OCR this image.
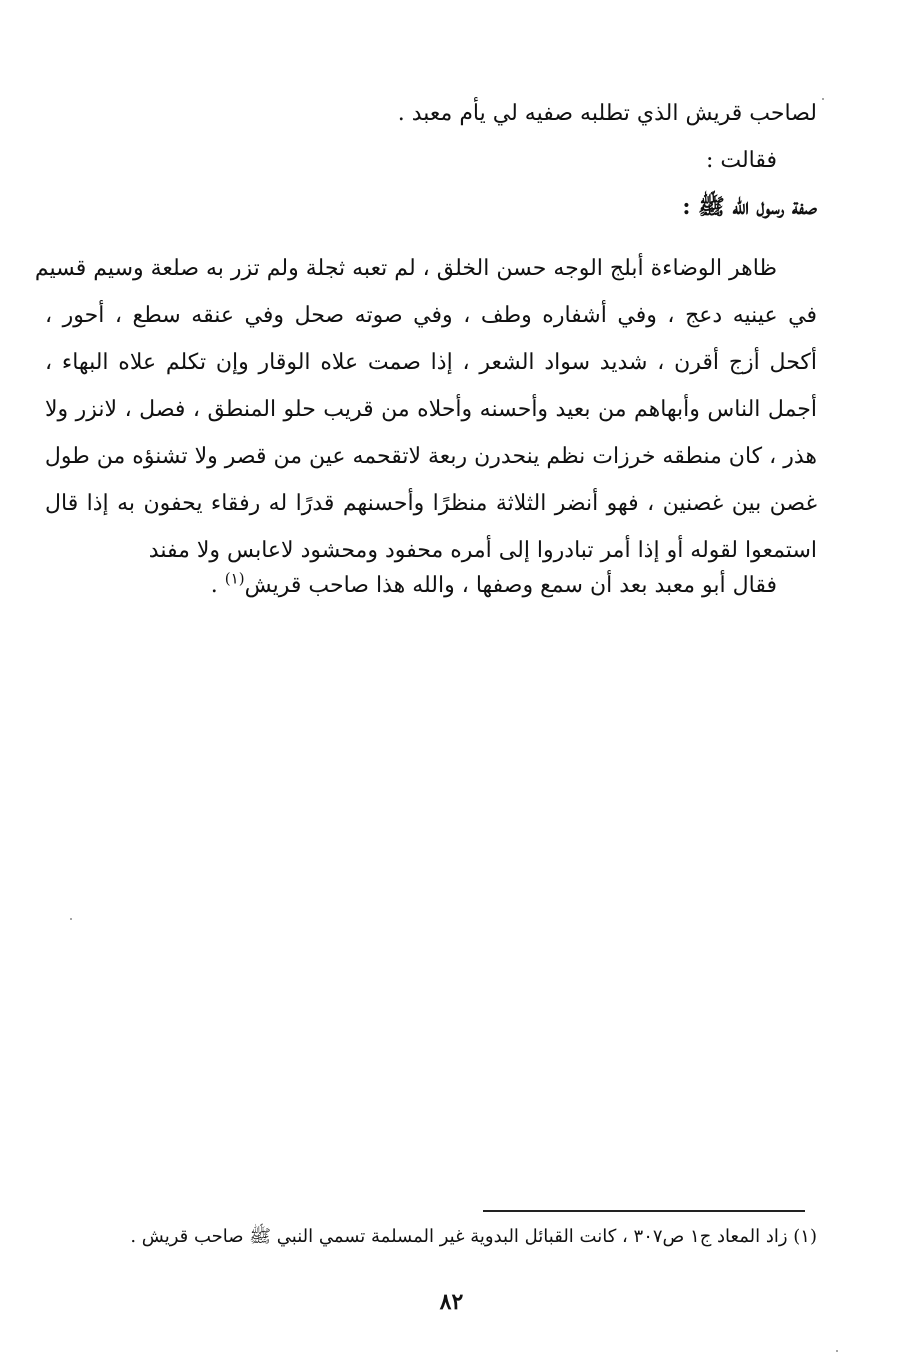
لصاحب قريش الذي تطلبه صفيه لي يأم معبد .
فقالت :
صفة رسول الله ﷺ :
ظاهر الوضاءة أبلج الوجه حسن الخلق ، لم تعبه ثجلة ولم تزر به صلعة وسيم قسيم
في عينيه دعج ، وفي أشفاره وطف ، وفي صوته صحل وفي عنقه سطع ، أحور ،
أكحل أزج أقرن ، شديد سواد الشعر ، إذا صمت علاه الوقار وإن تكلم علاه البهاء ،
أجمل الناس وأبهاهم من بعيد وأحسنه وأحلاه من قريب حلو المنطق ، فصل ، لانزر ولا
هذر ، كان منطقه خرزات نظم ينحدرن ربعة لاتقحمه عين من قصر ولا تشنؤه من طول
غصن بين غصنين ، فهو أنضر الثلاثة منظرًا وأحسنهم قدرًا له رفقاء يحفون به إذا قال
استمعوا لقوله أو إذا أمر تبادروا إلى أمره محفود ومحشود لاعابس ولا مفند
فقال أبو معبد بعد أن سمع وصفها ، والله هذا صاحب قريش$^{(١)}$ .
(١) زاد المعاد ج١ ص٣٠٧ ، كانت القبائل البدوية غير المسلمة تسمي النبي ﷺ صاحب قريش .
٨٢
